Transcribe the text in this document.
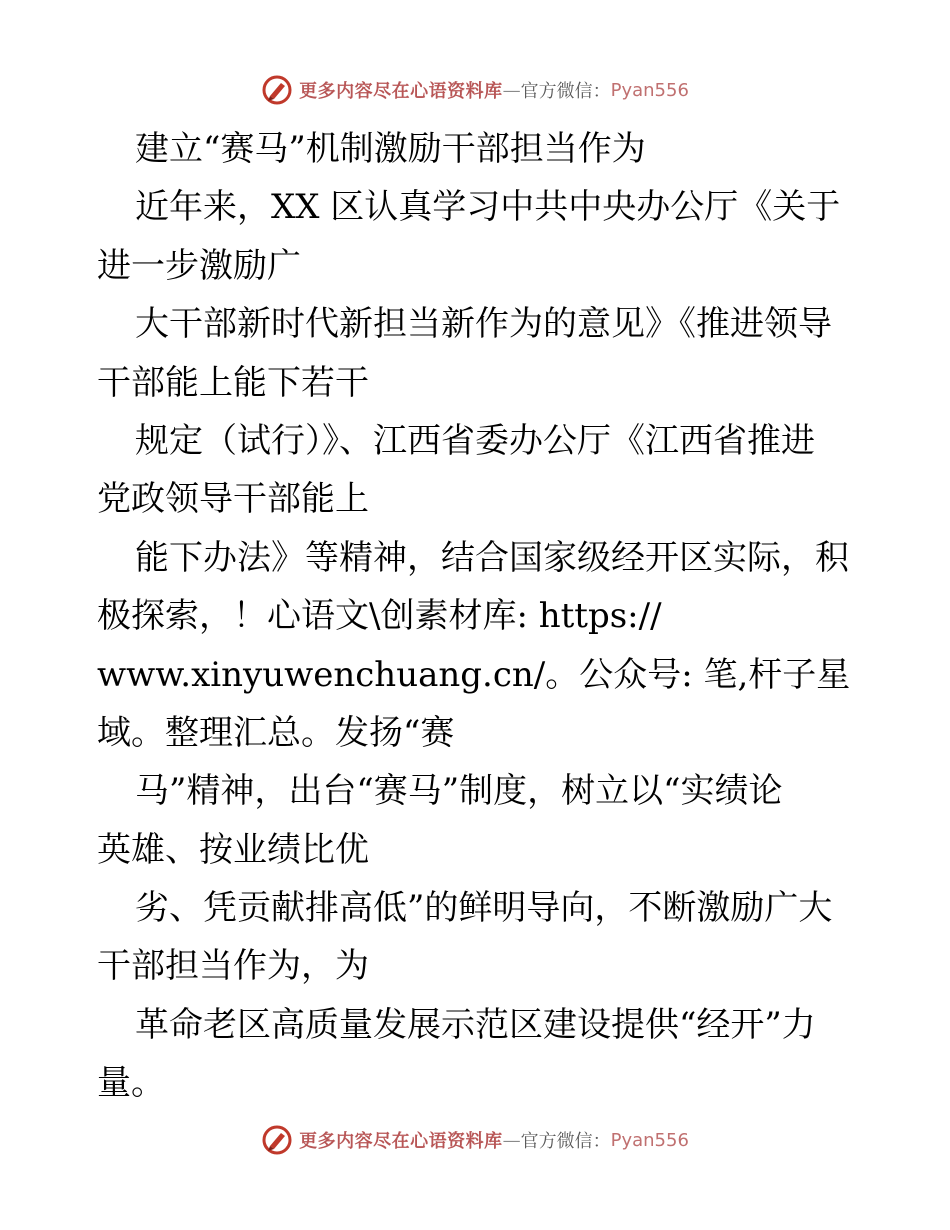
更多内容尽在心语资料库 — 官方微信： Pyan556
建立“赛马”机制激励干部担当作为
近年来，XX 区认真学习中共中央办公厅《关于
进一步激励广
大干部新时代新担当新作为的意见》《推进领导
干部能上能下若干
规定（试行）》、江西省委办公厅《江西省推进
党政领导干部能上
能下办法》等精神，结合国家级经开区实际，积
极探索，！心语文\创素材库: https://
www.xinyuwenchuang.cn/。公众号: 笔,杆子星
域。整理汇总。发扬“赛
马”精神，出台“赛马”制度，树立以“实绩论
英雄、按业绩比优
劣、凭贡献排高低”的鲜明导向，不断激励广大
干部担当作为，为
革命老区高质量发展示范区建设提供“经开”力
量。
更多内容尽在心语资料库 — 官方微信： Pyan556
